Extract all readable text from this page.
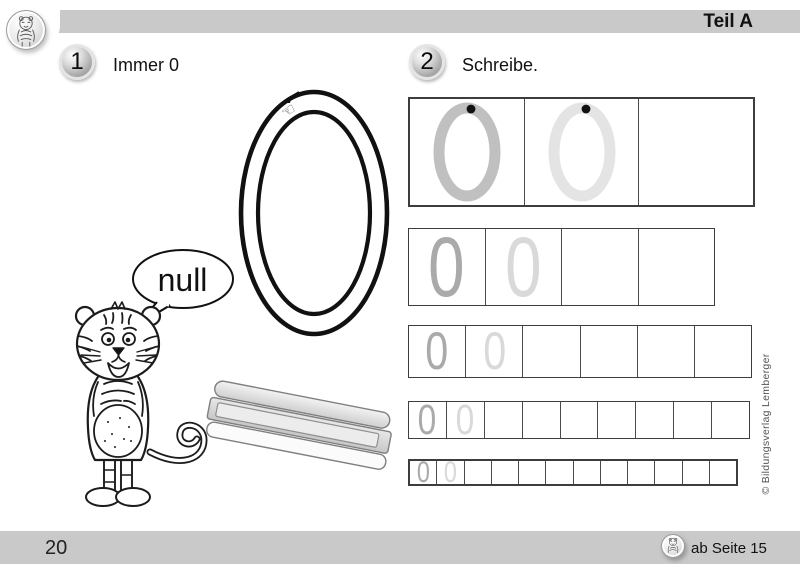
Teil A
1 Immer 0
☜
null
2 Schreibe.
0 0
0 0
0 0
0 0	© Bildungsverlag Lemberger
20	ab Seite 15
